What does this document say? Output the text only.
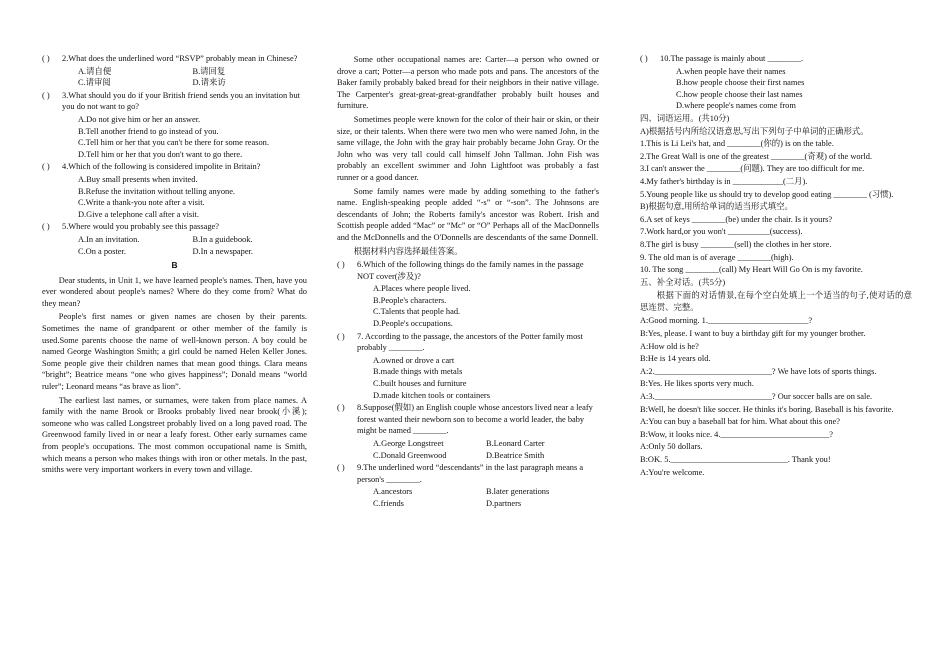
( )	2.What does the underlined word “RSVP” probably mean in Chinese?
A.请自便	B.请回复
C.请审阅	D.请来访
( )	3.What should you do if your British friend sends you an invitation but you do not want to go?

A.Do not give him or her an answer.

B.Tell another friend to go instead of you.

C.Tell him or her that you can't be there for some reason.

D.Tell him or her that you don't want to go there.

( )	4.Which of the following is considered impolite in Britain?

A.Buy small presents when invited.

B.Refuse the invitation without telling anyone.

C.Write a thank-you note after a visit.

D.Give a telephone call after a visit.

( )	5.Where would you probably see this passage?
A.In an invitation.	B.In a guidebook.
C.On a poster.	D.In a newspaper.

B

Dear students, in Unit 1, we have learned people's names. Then, have you ever wondered about people's names? Where do they come from? What do they mean?

People's first names or given names are chosen by their parents. Sometimes the name of grandparent or other member of the family is used.Some parents choose the name of well-known person. A boy could be named George Washington Smith; a girl could be named Helen Keller Jones. Some people give their children names that mean good things. Clara means “bright”; Beatrice means “one who gives happiness”; Donald means “world ruler”; Leonard means “as brave as lion”.

The earliest last names, or surnames, were taken from place names. A family with the name Brook or Brooks probably lived near brook(小溪); someone who was called Longstreet probably lived on a long paved road. The Greenwood family lived in or near a leafy forest. Other early surnames came from people's occupations. The most common occupational name is Smith, which means a person who makes things with iron or other metals. In the past, smiths were very important workers in every town and village.

Some other occupational names are: Carter—a person who owned or drove a cart; Potter—a person who made pots and pans. The ancestors of the Baker family probably baked bread for their neighbors in their native village. The Carpenter's great-great-great-grandfather probably built houses and furniture.

Sometimes people were known for the color of their hair or skin, or their size, or their talents. When there were two men who were named John, in the same village, the John with the gray hair probably became John Gray. Or the John who was very tall could call himself John Tallman. John Fish was probably an excellent swimmer and John Lightfoot was probably a fast runner or a good dancer.

Some family names were made by adding something to the father's name. English-speaking people added “-s” or “-son”. The Johnsons are descendants of John; the Roberts family's ancestor was Robert. Irish and Scottish people added “Mac” or “Mc” or “O” Perhaps all of the MacDonnells and the McDonnells and the O'Donnells are descendants of the same Donnell.

根据材料内容选择最佳答案。

( )	6.Which of the following things do the family names in the passage NOT cover(涉及)?

A.Places where people lived.

B.People's characters.

C.Talents that people had.

D.People's occupations.

( )	7. According to the passage, the ancestors of the Potter family most probably ________.

A.owned or drove a cart

B.made things with metals

C.built houses and furniture

D.made kitchen tools or containers

( )	8.Suppose(假如) an English couple whose ancestors lived near a leafy forest wanted their newborn son to become a world leader, the baby might be named ________.
A.George Longstreet	B.Leonard Carter
C.Donald Greenwood	D.Beatrice Smith
( )	9.The underlined word “descendants” in the last paragraph means a person's ________.
A.ancestors	B.later generations
C.friends	D.partners
( )	10.The passage is mainly about ________.

A.when people have their names

B.how people choose their first names

C.how people choose their last names

D.where people's names come from

四、词语运用。(共10分)

A)根据括号内所给汉语意思,写出下列句子中单词的正确形式。

1.This is Li Lei's hat, and ________(你的) is on the table.

2.The Great Wall is one of the greatest ________(奇观) of the world.

3.I can't answer the ________(问题). They are too difficult for me.

4.My father's birthday is in ____________(二月).

5.Young people like us should try to develop good eating ________ (习惯).

B)根据句意,用所给单词的适当形式填空。

6.A set of keys ________(be) under the chair. Is it yours?

7.Work hard,or you won't __________(success).

8.The girl is busy ________(sell) the clothes in her store.

9. The old man is of average ________(high).

10. The song ________(call) My Heart Will Go On is my favorite.

五、补全对话。(共5分)

根据下面的对话情景,在每个空白处填上一个适当的句子,使对话的意思连贯、完整。

A:Good morning. 1.________________________?

B:Yes, please. I want to buy a birthday gift for my younger brother.

A:How old is he?

B:He is 14 years old.

A:2.____________________________? We have lots of sports things.

B:Yes. He likes sports very much.

A:3.____________________________? Our soccer balls are on sale.

B:Well, he doesn't like soccer. He thinks it's boring. Baseball is his favorite.

A:You can buy a baseball bat for him. What about this one?

B:Wow, it looks nice. 4.__________________________?

A:Only 50 dollars.

B:OK. 5.____________________________. Thank you!

A:You're welcome.
